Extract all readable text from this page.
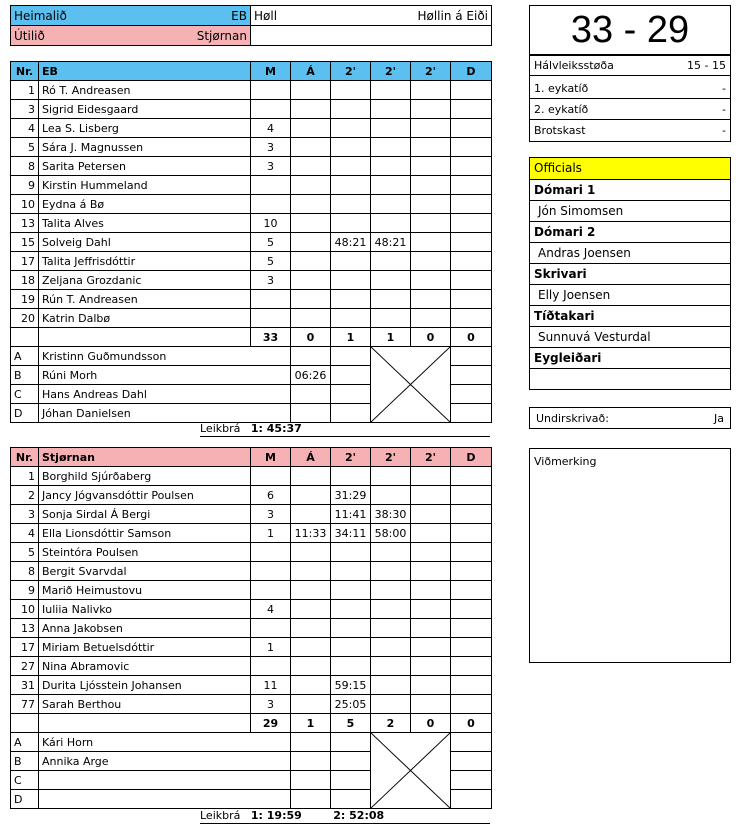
Heimalið EB	Høll Høllin á Eiði

Útilið Stjørnan	
		33 - 29
Hálvleiksstøða	15 - 15
1. eykatíð	-
2. eykatíð	-
Brotskast	-
Officials
Dómari 1
Jón Simomsen
Dómari 2
Andras Joensen
Skrivari
Elly Joensen
Tíðtakari
Sunnuvá Vesturdal
Eygleiðari
Undirskrivað:	Ja
Viðmerking
Nr.	EB	M	Á	2'	2'	2'	D
1	Ró T. Andreasen						
3	Sigrid Eidesgaard						
4	Lea S. Lisberg	4					
5	Sára J. Magnussen	3					
8	Sarita Petersen	3					
9	Kirstin Hummeland						
10	Eydna á Bø						
13	Talita Alves	10					
15	Solveig Dahl	5		48:21	48:21		
17	Talita Jeffrisdóttir	5					
18	Zeljana Grozdanic	3					
19	Rún T. Andreasen						
20	Katrin Dalbø						
		33	0	1	1	0	0
A	Kristinn Guðmundsson			

B	Rúni Morh		06:26				
C	Hans Andreas Dahl						
D	Jóhan Danielsen						
Leikbrá 1: 45:37
Nr.	Stjørnan	M	Á	2'	2'	2'	D
1	Borghild Sjúrðaberg						
2	Jancy Jógvansdóttir Poulsen	6		31:29			
3	Sonja Sirdal Á Bergi	3		11:41	38:30		
4	Ella Lionsdóttir Samson	1	11:33	34:11	58:00		
5	Steintóra Poulsen						
8	Bergit Svarvdal						
9	Marið Heimustovu						
10	Iuliia Nalivko	4					
13	Anna Jakobsen						
17	Miriam Betuelsdóttir	1					
27	Nina Abramovic						
31	Durita Ljósstein Johansen	11		59:15			
77	Sarah Berthou	3		25:05			
		29	1	5	2	0	0
A	Kári Horn			

B	Annika Arge						
C							
D							
Leikbrá 1: 19:59	2: 52:08
